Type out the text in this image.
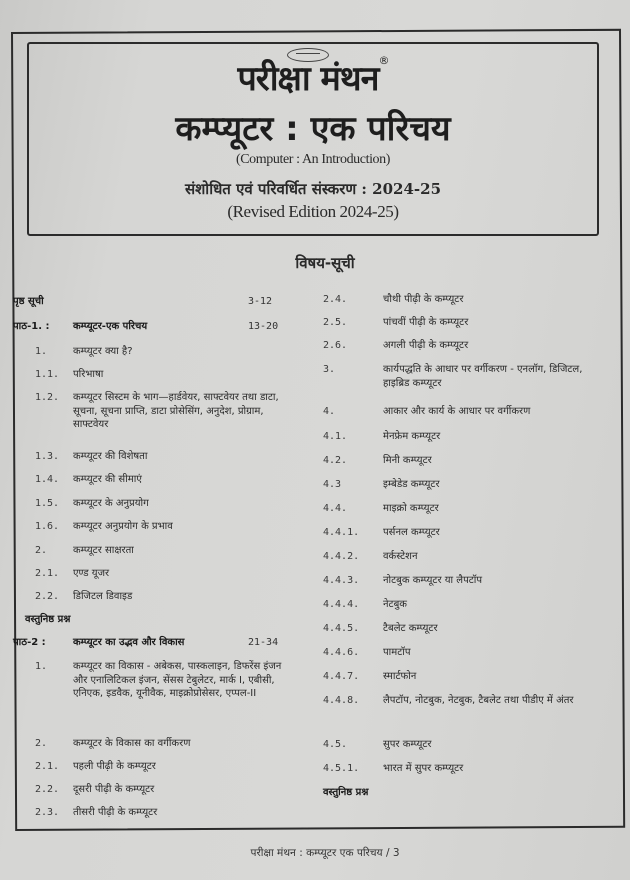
परीक्षा मंथन®
कम्प्यूटर : एक परिचय
(Computer : An Introduction)
संशोधित एवं परिवर्धित संस्करण : 2024-25
(Revised Edition 2024-25)
विषय-सूची
पृष्ठ सूची	3-12
पाठ-1. : कम्प्यूटर-एक परिचय	13-20
1.	कम्प्यूटर क्या है?
1.1. परिभाषा
1.2. कम्प्यूटर सिस्टम के भाग—हार्डवेयर, साफ्टवेयर तथा डाटा, सूचना, सूचना प्राप्ति, डाटा प्रोसेसिंग, अनुदेश, प्रोग्राम, साफ्टवेयर
1.3. कम्प्यूटर की विशेषता
1.4. कम्प्यूटर की सीमाएं
1.5. कम्प्यूटर के अनुप्रयोग
1.6. कम्प्यूटर अनुप्रयोग के प्रभाव
2.	कम्प्यूटर साक्षरता
2.1. एण्ड यूजर
2.2. डिजिटल डिवाइड
वस्तुनिष्ठ प्रश्न
पाठ-2 :	कम्प्यूटर का उद्भव और विकास	21-34
1.	कम्प्यूटर का विकास - अबेकस, पास्कलाइन, डिफरेंस इंजन और एनालिटिकल इंजन, सेंसस टेबुलेटर, मार्क I, एबीसी, एनिएक, इडवैक, यूनीवैक, माइक्रोप्रोसेसर, एप्पल-II
2.	कम्प्यूटर के विकास का वर्गीकरण
2.1. पहली पीढ़ी के कम्प्यूटर
2.2. दूसरी पीढ़ी के कम्प्यूटर
2.3. तीसरी पीढ़ी के कम्प्यूटर
2.4.	चौथी पीढ़ी के कम्प्यूटर
2.5.	पांचवीं पीढ़ी के कम्प्यूटर
2.6.	अगली पीढ़ी के कम्प्यूटर
3.	कार्यपद्धति के आधार पर वर्गीकरण - एनलॉग, डिजिटल, हाइब्रिड कम्प्यूटर
4.	आकार और कार्य के आधार पर वर्गीकरण
4.1.	मेनफ्रेम कम्प्यूटर
4.2.	मिनी कम्प्यूटर
4.3	इम्बेडेड कम्प्यूटर
4.4.	माइक्रो कम्प्यूटर
4.4.1. पर्सनल कम्प्यूटर
4.4.2. वर्कस्टेशन
4.4.3. नोटबुक कम्प्यूटर या लैपटॉप
4.4.4. नेटबुक
4.4.5. टैबलेट कम्प्यूटर
4.4.6. पामटॉप
4.4.7. स्मार्टफोन
4.4.8. लैपटॉप, नोटबुक, नेटबुक, टैबलेट तथा पीडीए में अंतर
4.5.	सुपर कम्प्यूटर
4.5.1. भारत में सुपर कम्प्यूटर
वस्तुनिष्ठ प्रश्न
परीक्षा मंथन : कम्प्यूटर एक परिचय / 3
